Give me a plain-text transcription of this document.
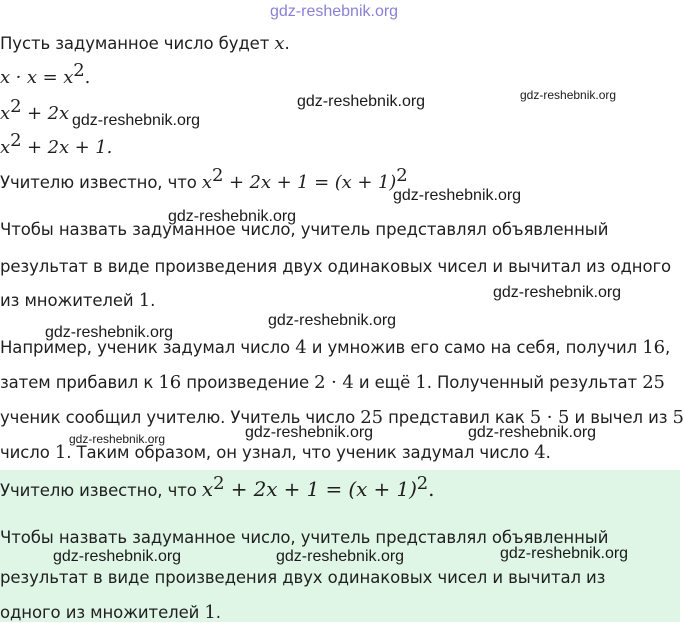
Пусть задуманное число будет x.
$x \cdot x = x^2$.
$x^2 + 2x$
$x^2 + 2x + 1$.
Учителю известно, что $x^2 + 2x + 1 = (x + 1)^2$
Чтобы назвать задуманное число, учитель представлял объявленный
результат в виде произведения двух одинаковых чисел и вычитал из одного
из множителей 1.
Например, ученик задумал число 4 и умножив его само на себя, получил 16,
затем прибавил к 16 произведение 2 · 4 и ещё 1. Полученный результат 25
ученик сообщил учителю. Учитель число 25 представил как 5 · 5 и вычел из 5
число 1. Таким образом, он узнал, что ученик задумал число 4.
Учителю известно, что $x^2 + 2x + 1 = (x + 1)^2$.
Чтобы назвать задуманное число, учитель представлял объявленный
результат в виде произведения двух одинаковых чисел и вычитал из
одного из множителей 1.
gdz-reshebnik.org
gdz-reshebnik.org	gdz-reshebnik.org
gdz-reshebnik.org
gdz-reshebnik.org
gdz-reshebnik.org
gdz-reshebnik.org
gdz-reshebnik.org
gdz-reshebnik.org
gdz-reshebnik.org	gdz-reshebnik.org	gdz-reshebnik.org
gdz-reshebnik.org	gdz-reshebnik.org	gdz-reshebnik.org
